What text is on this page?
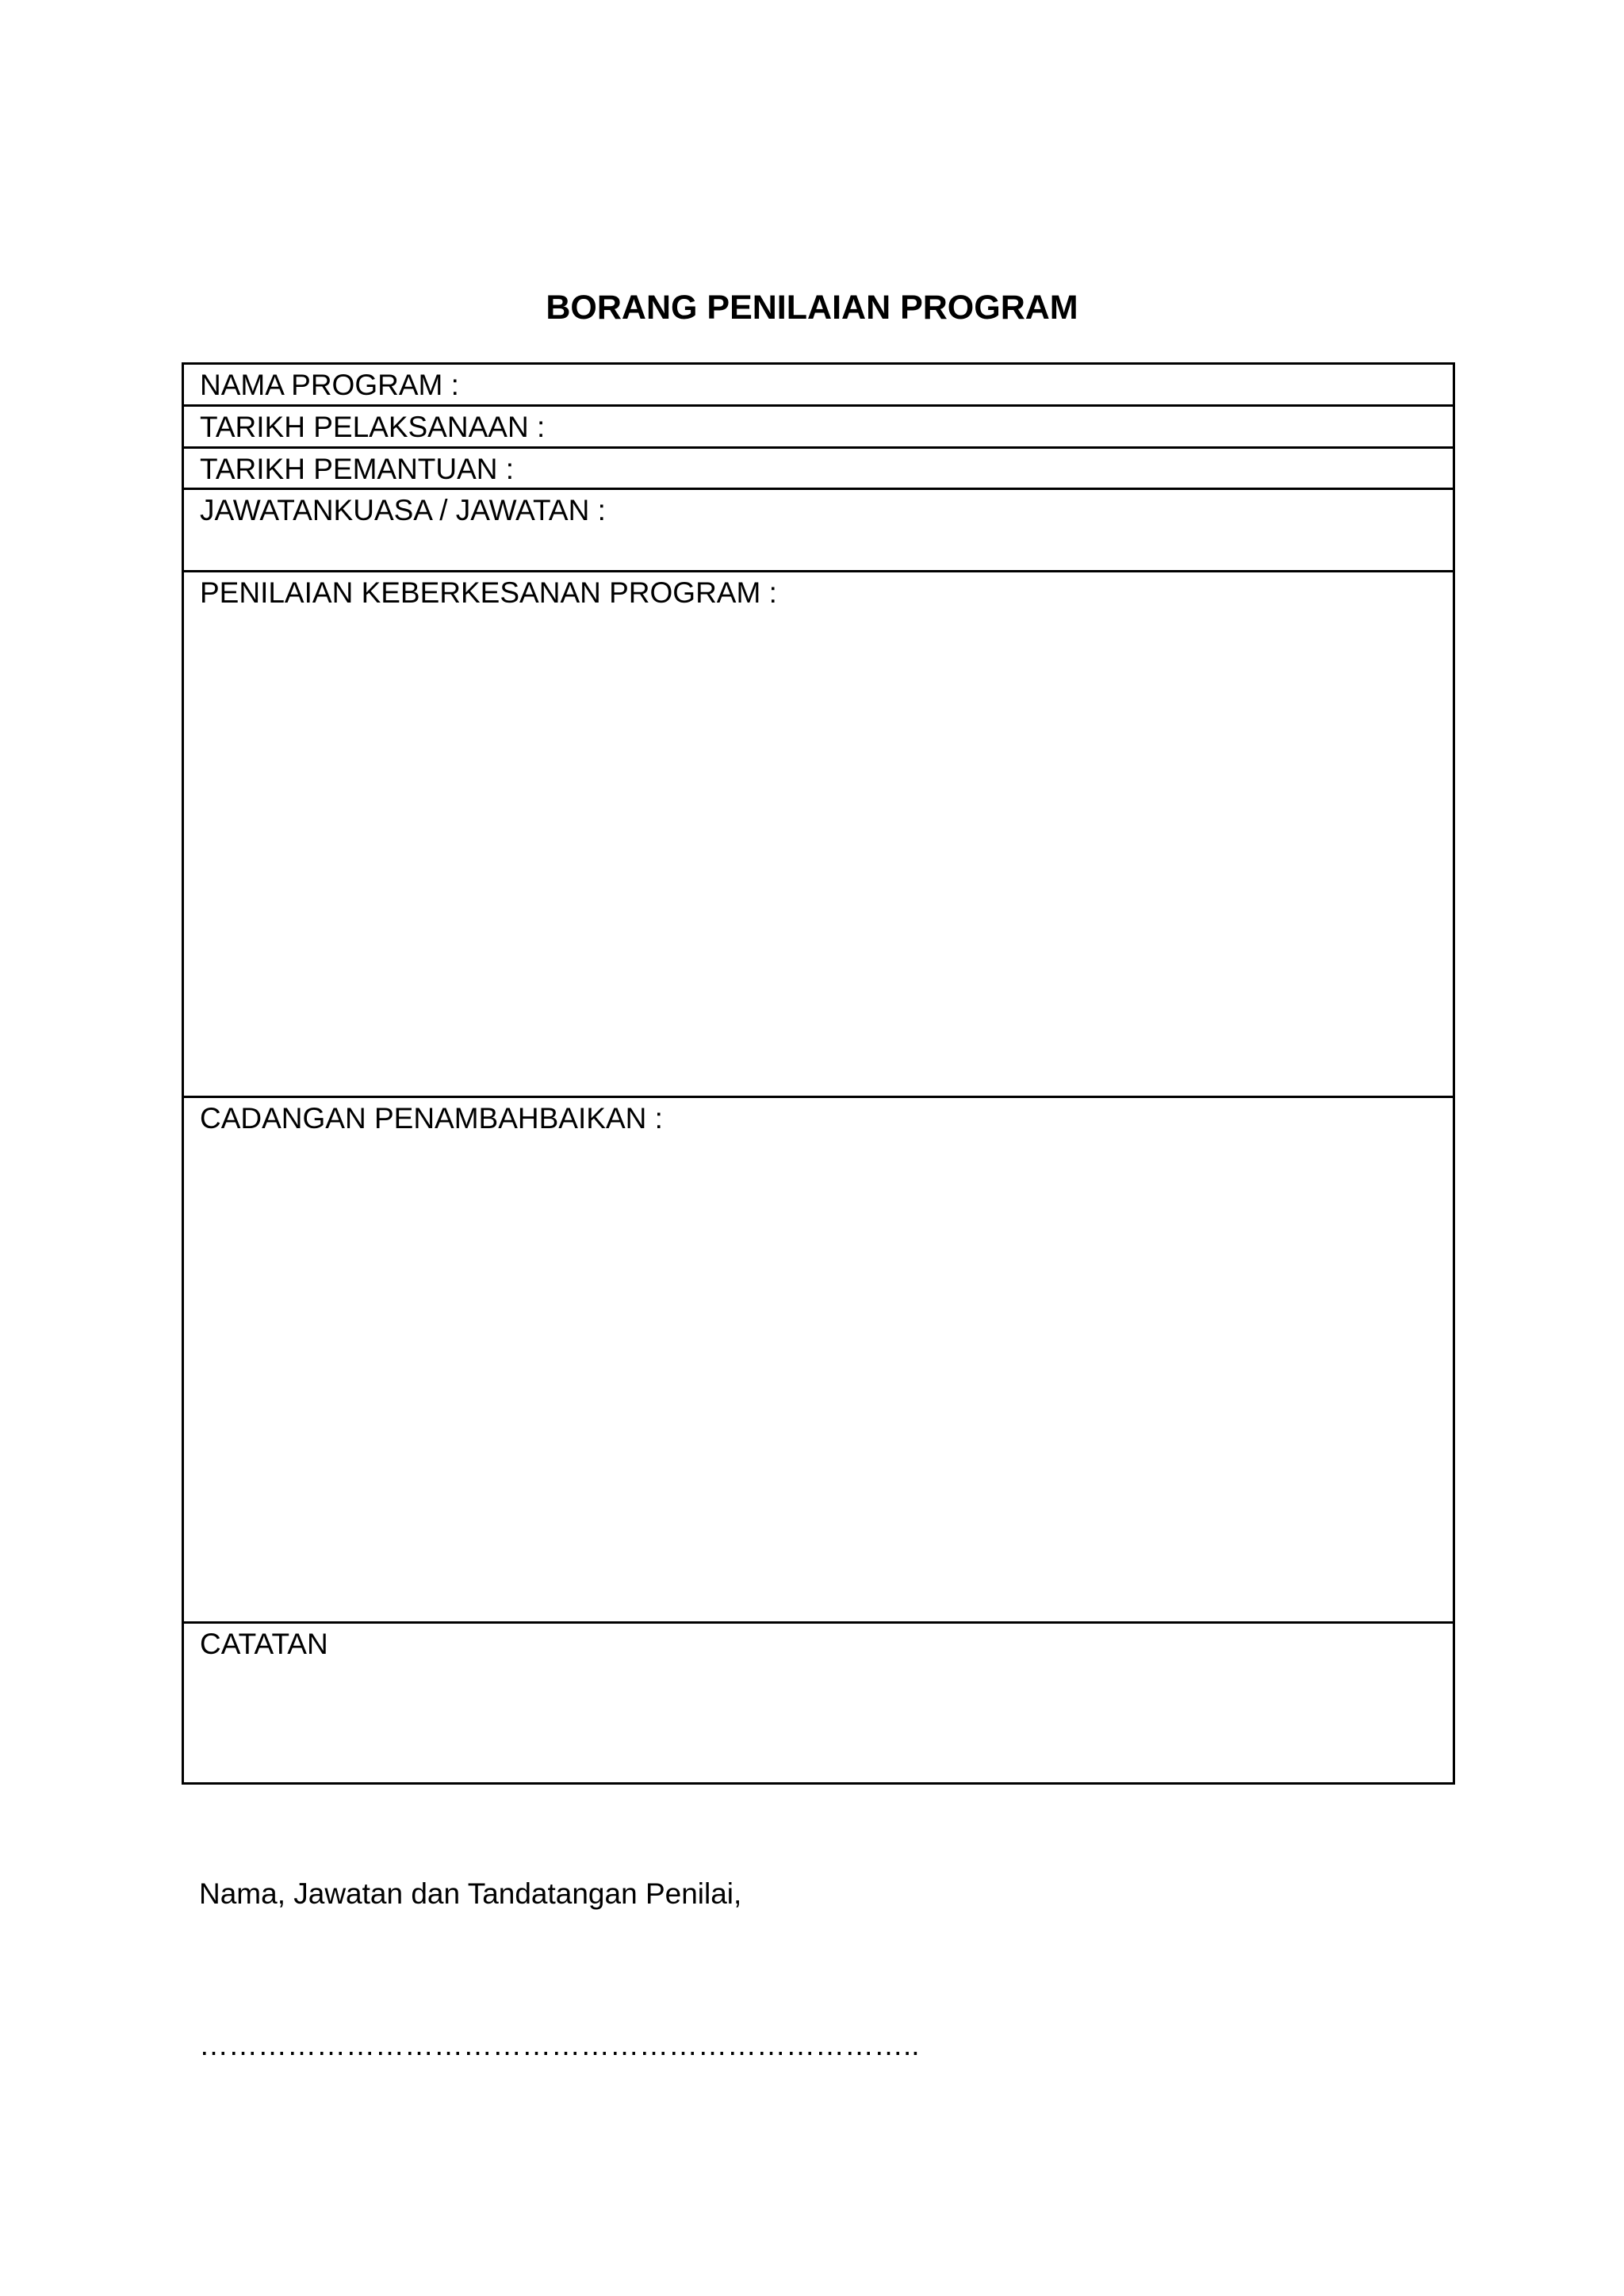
BORANG PENILAIAN PROGRAM
NAMA PROGRAM :
TARIKH PELAKSANAAN :
TARIKH PEMANTUAN :
JAWATANKUASA / JAWATAN :
PENILAIAN KEBERKESANAN PROGRAM :
CADANGAN PENAMBAHBAIKAN :
CATATAN
Nama, Jawatan dan Tandatangan Penilai,
………………………………………………………………..
